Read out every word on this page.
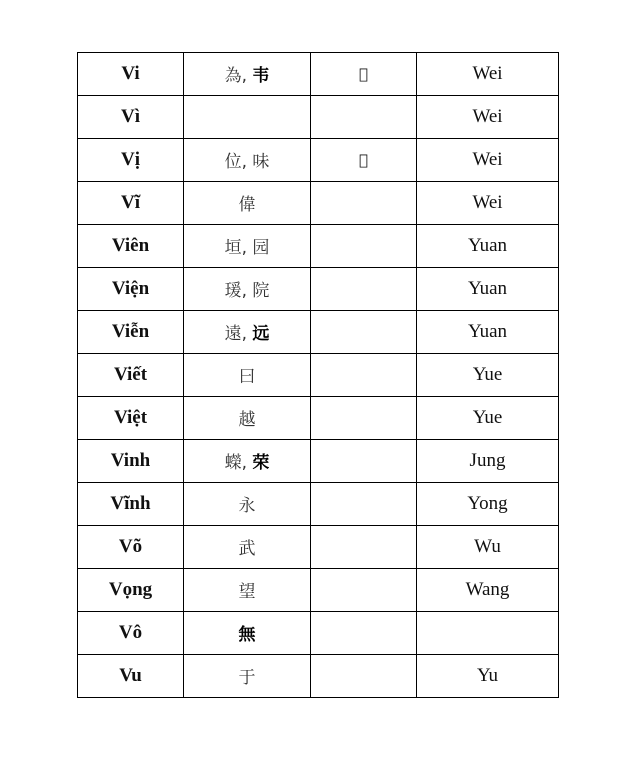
Vi	為, 韦	𬂘	Wei
Vì			Wei
Vị	位, 味	𬂙	Wei
Vĩ	偉		Wei
Viên	垣, 园		Yuan
Viện	瑗, 院		Yuan
Viễn	遠, 远		Yuan
Viết	曰		Yue
Việt	越		Yue
Vinh	蠑, 荣		Jung
Vĩnh	永		Yong
Võ	武		Wu
Vọng	望		Wang
Vô	無		
Vu	于		Yu
